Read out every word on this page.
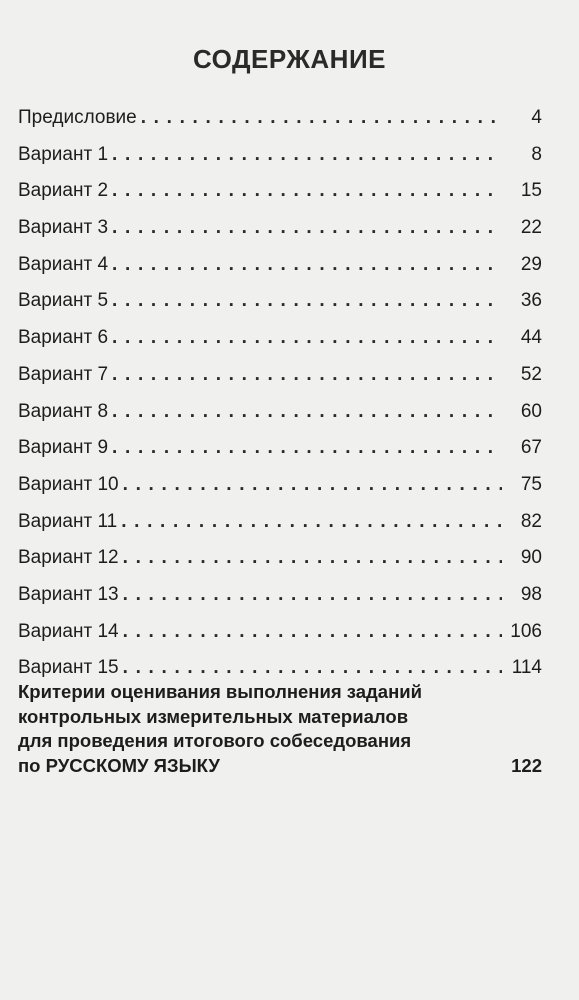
СОДЕРЖАНИЕ
Предисловие . . .	4
Вариант 1 . . .	8
Вариант 2 . . .	15
Вариант 3 . . .	22
Вариант 4 . . .	29
Вариант 5 . . .	36
Вариант 6 . . .	44
Вариант 7 . . .	52
Вариант 8 . . .	60
Вариант 9 . . .	67
Вариант 10 . . .	75
Вариант 11 . . .	82
Вариант 12 . . .	90
Вариант 13 . . .	98
Вариант 14 . . .	106
Вариант 15 . . .	114
Критерии оценивания выполнения заданий
контрольных измерительных материалов
для проведения итогового собеседования
по РУССКОМУ ЯЗЫКУ	122
